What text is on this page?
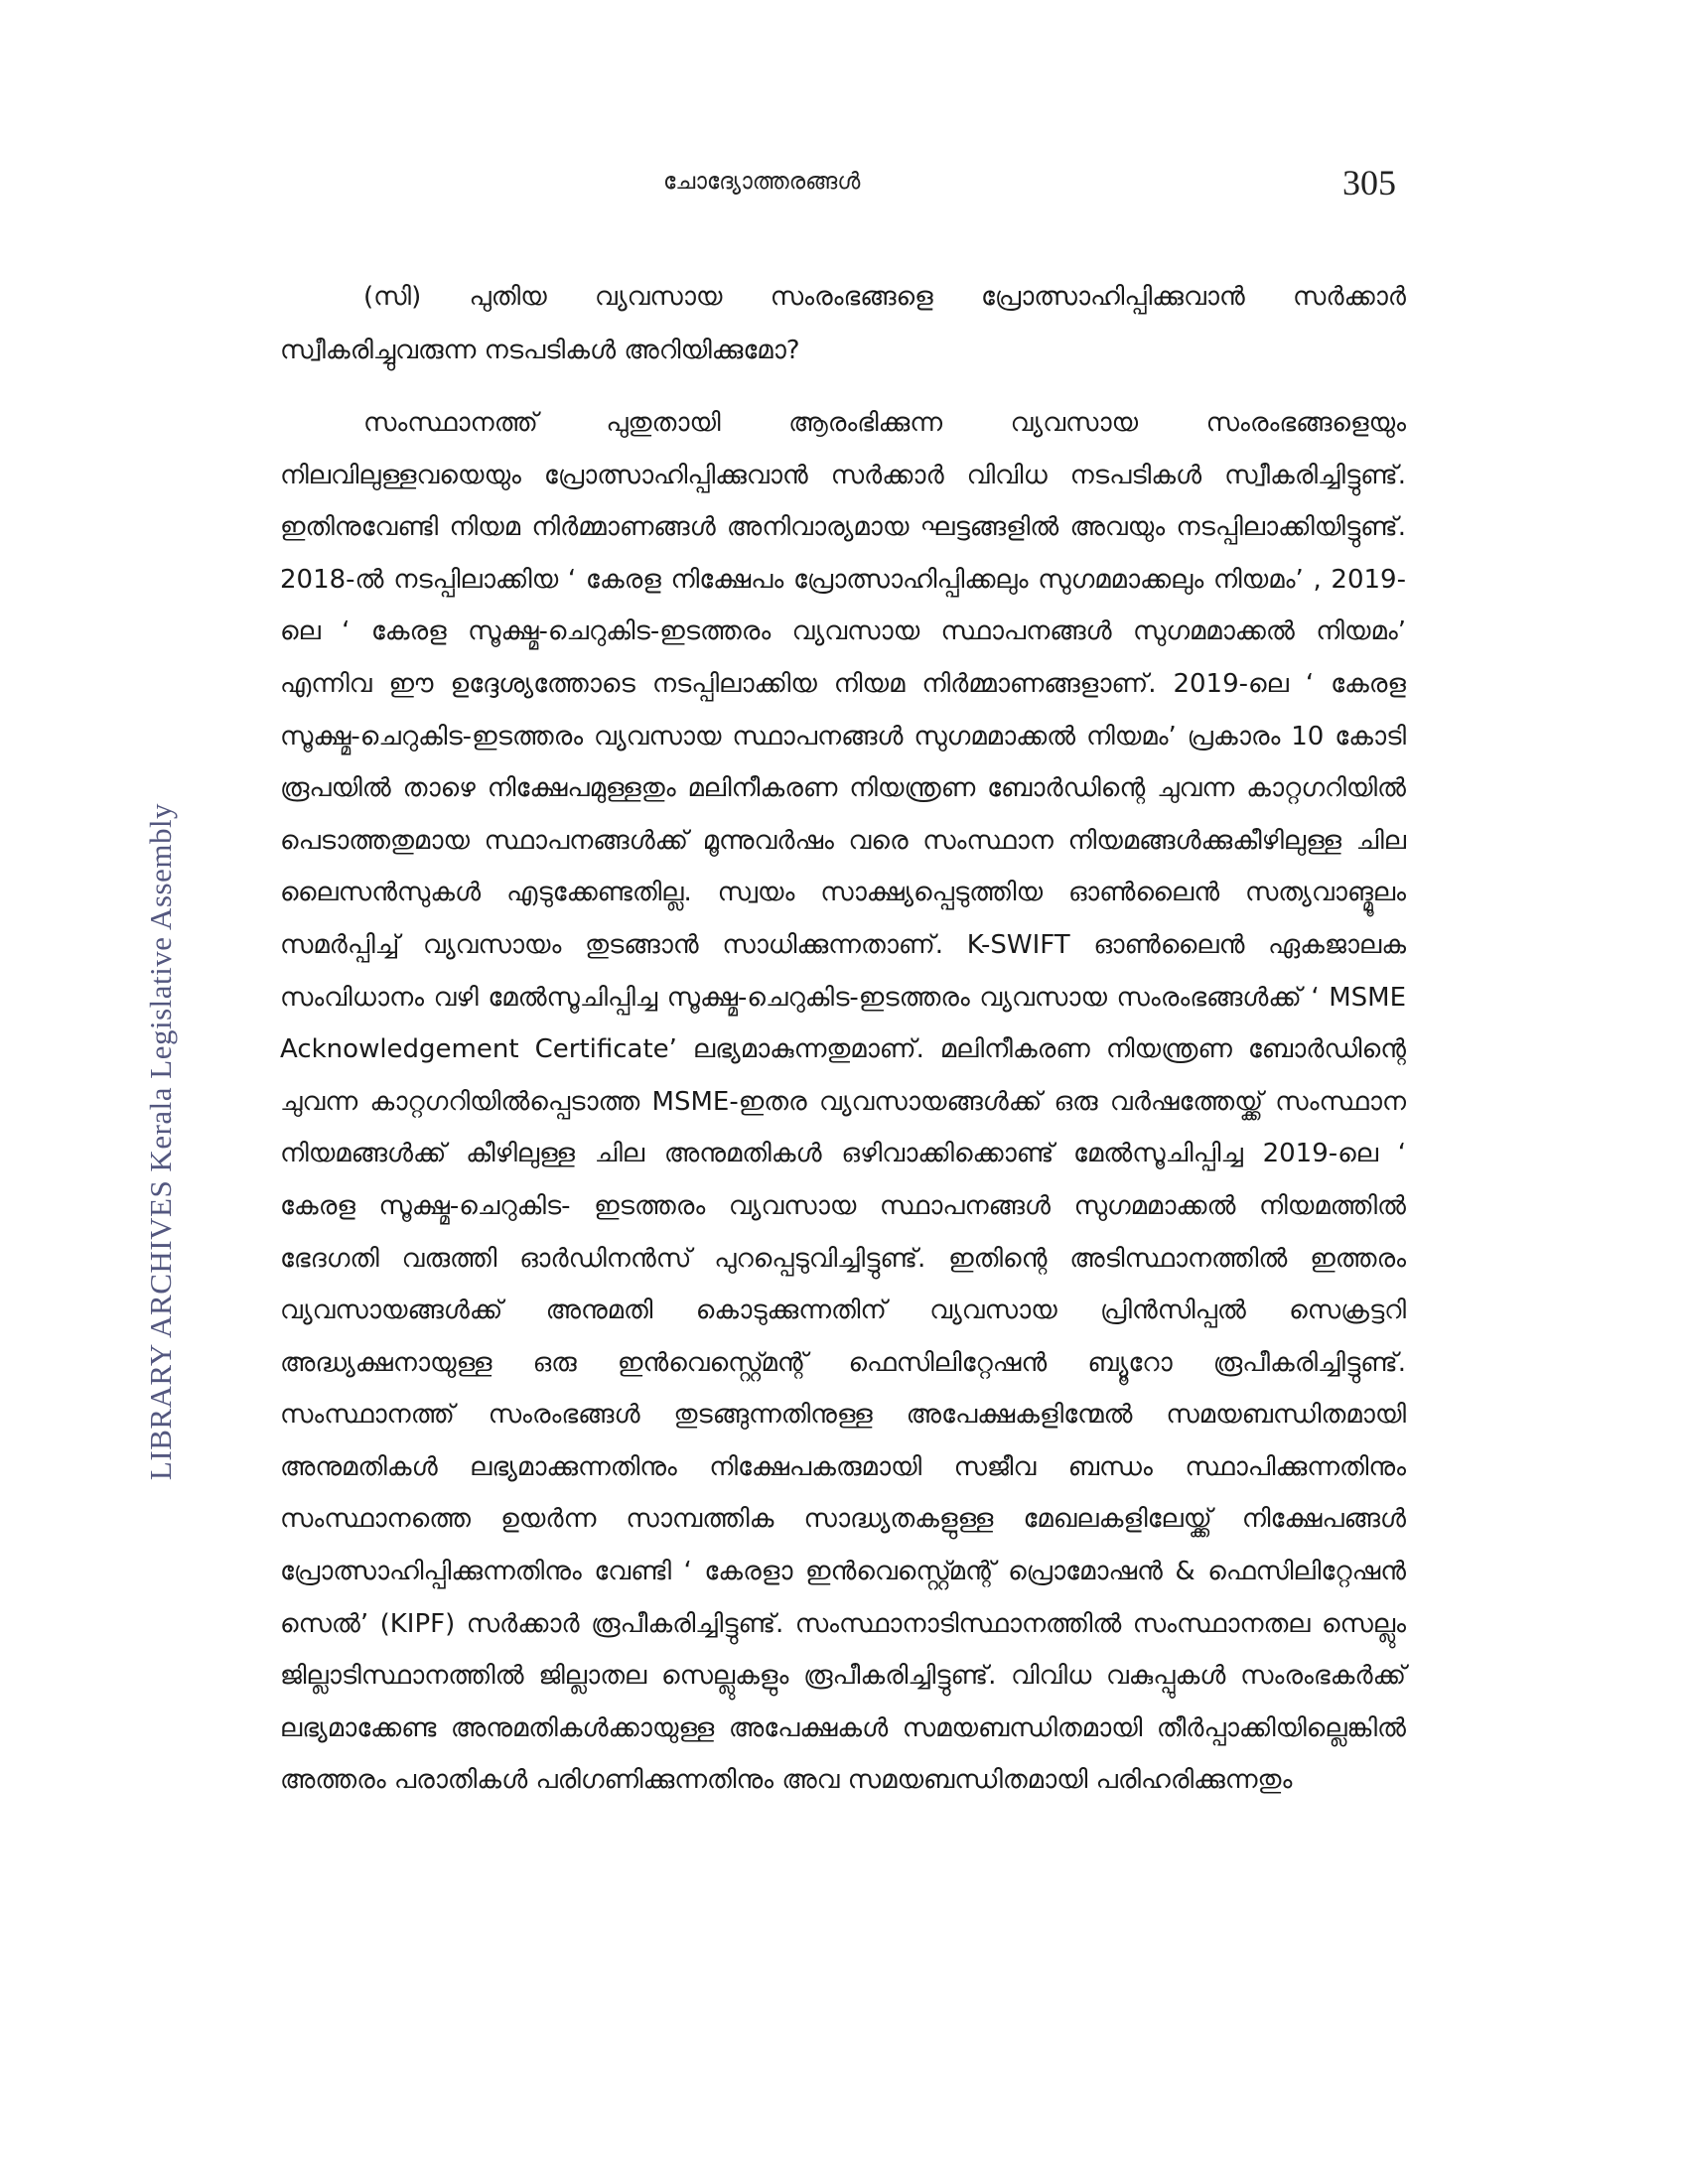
LIBRARY ARCHIVES Kerala Legislative Assembly
ചോദ്യോത്തരങ്ങൾ	305

(സി) പുതിയ വ്യവസായ സംരംഭങ്ങളെ പ്രോത്സാഹിപ്പിക്കുവാൻ സർക്കാർ സ്വീകരിച്ചുവരുന്ന നടപടികൾ അറിയിക്കുമോ?

സംസ്ഥാനത്ത് പുതുതായി ആരംഭിക്കുന്ന വ്യവസായ സംരംഭങ്ങളെയും നിലവിലുള്ളവയെയും പ്രോത്സാഹിപ്പിക്കുവാൻ സർക്കാർ വിവിധ നടപടികൾ സ്വീകരിച്ചിട്ടുണ്ട്. ഇതിനുവേണ്ടി നിയമ നിർമ്മാണങ്ങൾ അനിവാര്യമായ ഘട്ടങ്ങളിൽ അവയും നടപ്പിലാക്കിയിട്ടുണ്ട്. 2018-ൽ നടപ്പിലാക്കിയ ‘ കേരള നിക്ഷേപം പ്രോത്സാഹിപ്പിക്കലും സുഗമമാക്കലും നിയമം’ , 2019-ലെ ‘ കേരള സൂക്ഷ്മ-ചെറുകിട-ഇടത്തരം വ്യവസായ സ്ഥാപനങ്ങൾ സുഗമമാക്കൽ നിയമം’ എന്നിവ ഈ ഉദ്ദേശ്യത്തോടെ നടപ്പിലാക്കിയ നിയമ നിർമ്മാണങ്ങളാണ്. 2019-ലെ ‘ കേരള സൂക്ഷ്മ-ചെറുകിട-ഇടത്തരം വ്യവസായ സ്ഥാപനങ്ങൾ സുഗമമാക്കൽ നിയമം’ പ്രകാരം 10 കോടി രൂപയിൽ താഴെ നിക്ഷേപമുള്ളതും മലിനീകരണ നിയന്ത്രണ ബോർഡിന്റെ ചുവന്ന കാറ്റഗറിയിൽ പെടാത്തതുമായ സ്ഥാപനങ്ങൾക്ക് മൂന്നുവർഷം വരെ സംസ്ഥാന നിയമങ്ങൾക്കുകീഴിലുള്ള ചില ലൈസൻസുകൾ എടുക്കേണ്ടതില്ല. സ്വയം സാക്ഷ്യപ്പെടുത്തിയ ഓൺലൈൻ സത്യവാങ്മൂലം സമർപ്പിച്ച് വ്യവസായം തുടങ്ങാൻ സാധിക്കുന്നതാണ്. K-SWIFT ഓൺലൈൻ ഏകജാലക സംവിധാനം വഴി മേൽസൂചിപ്പിച്ച സൂക്ഷ്മ-ചെറുകിട-ഇടത്തരം വ്യവസായ സംരംഭങ്ങൾക്ക് ‘ MSME Acknowledgement Certificate’ ലഭ്യമാകുന്നതുമാണ്. മലിനീകരണ നിയന്ത്രണ ബോർഡിന്റെ ചുവന്ന കാറ്റഗറിയിൽപ്പെടാത്ത MSME-ഇതര വ്യവസായങ്ങൾക്ക് ഒരു വർഷത്തേയ്ക്ക് സംസ്ഥാന നിയമങ്ങൾക്ക് കീഴിലുള്ള ചില അനുമതികൾ ഒഴിവാക്കിക്കൊണ്ട് മേൽസൂചിപ്പിച്ച 2019-ലെ ‘ കേരള സൂക്ഷ്മ-ചെറുകിട- ഇടത്തരം വ്യവസായ സ്ഥാപനങ്ങൾ സുഗമമാക്കൽ നിയമത്തിൽ ഭേദഗതി വരുത്തി ഓർഡിനൻസ് പുറപ്പെടുവിച്ചിട്ടുണ്ട്. ഇതിന്റെ അടിസ്ഥാനത്തിൽ ഇത്തരം വ്യവസായങ്ങൾക്ക് അനുമതി കൊടുക്കുന്നതിന് വ്യവസായ പ്രിൻസിപ്പൽ സെക്രട്ടറി അദ്ധ്യക്ഷനായുള്ള ഒരു ഇൻവെസ്റ്റ്മെന്റ് ഫെസിലിറ്റേഷൻ ബ്യൂറോ രൂപീകരിച്ചിട്ടുണ്ട്. സംസ്ഥാനത്ത് സംരംഭങ്ങൾ തുടങ്ങുന്നതിനുള്ള അപേക്ഷകളിന്മേൽ സമയബന്ധിതമായി അനുമതികൾ ലഭ്യമാക്കുന്നതിനും നിക്ഷേപകരുമായി സജീവ ബന്ധം സ്ഥാപിക്കുന്നതിനും സംസ്ഥാനത്തെ ഉയർന്ന സാമ്പത്തിക സാദ്ധ്യതകളുള്ള മേഖലകളിലേയ്ക്ക് നിക്ഷേപങ്ങൾ പ്രോത്സാഹിപ്പിക്കുന്നതിനും വേണ്ടി ‘ കേരളാ ഇൻവെസ്റ്റ്മെന്റ് പ്രൊമോഷൻ & ഫെസിലിറ്റേഷൻ സെൽ’ (KIPF) സർക്കാർ രൂപീകരിച്ചിട്ടുണ്ട്. സംസ്ഥാനാടിസ്ഥാനത്തിൽ സംസ്ഥാനതല സെല്ലും ജില്ലാടിസ്ഥാനത്തിൽ ജില്ലാതല സെല്ലുകളും രൂപീകരിച്ചിട്ടുണ്ട്. വിവിധ വകുപ്പുകൾ സംരംഭകർക്ക് ലഭ്യമാക്കേണ്ട അനുമതികൾക്കായുള്ള അപേക്ഷകൾ സമയബന്ധിതമായി തീർപ്പാക്കിയില്ലെങ്കിൽ അത്തരം പരാതികൾ പരിഗണിക്കുന്നതിനും അവ സമയബന്ധിതമായി പരിഹരിക്കുന്നതും
